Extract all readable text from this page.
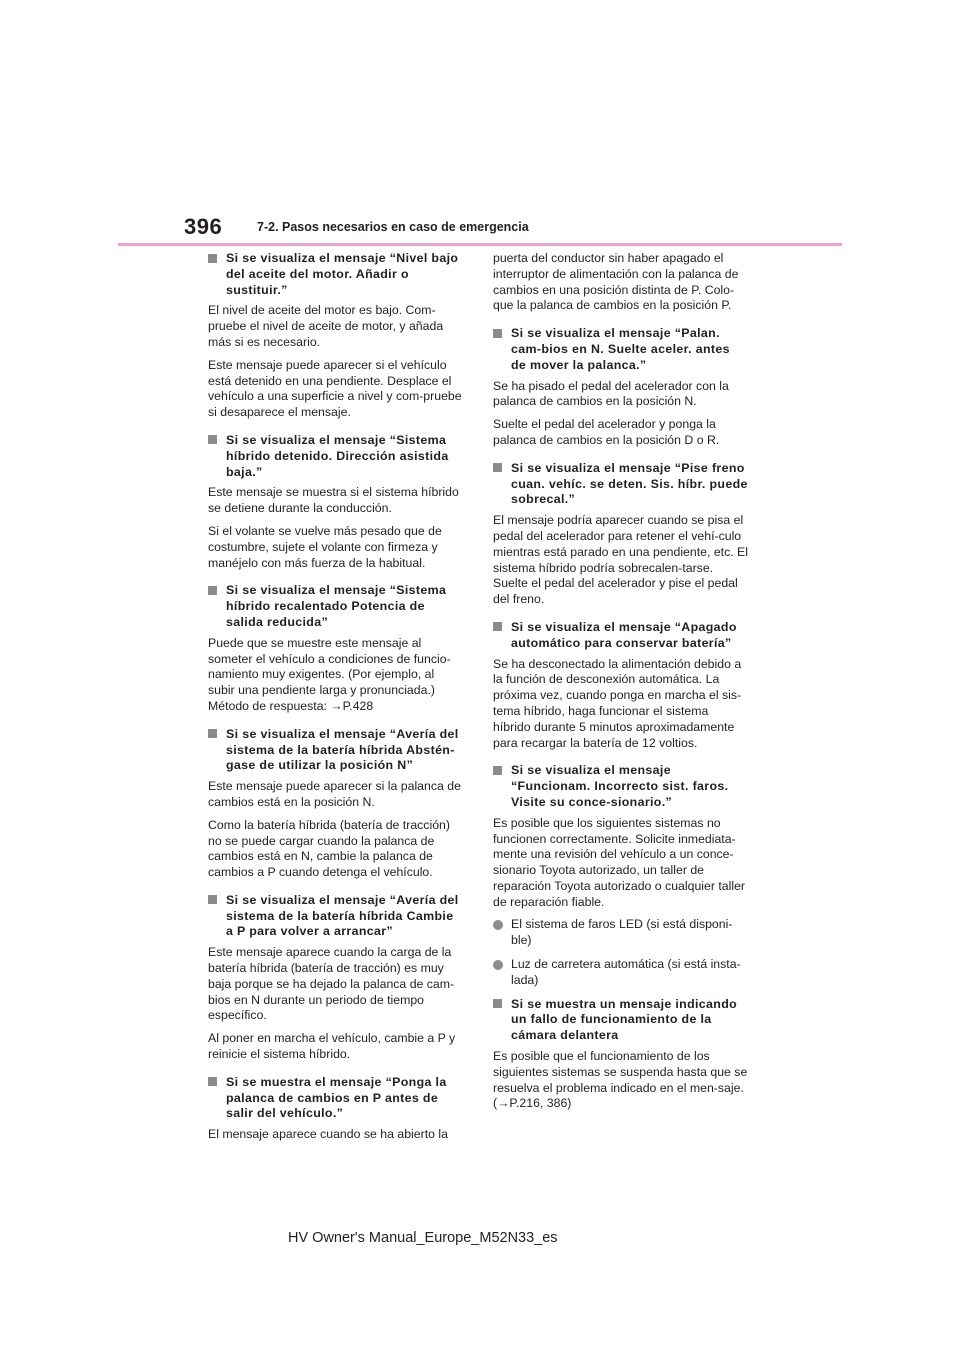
396	7-2. Pasos necesarios en caso de emergencia
Si se visualiza el mensaje “Nivel bajo del aceite del motor. Añadir o sustituir.”
El nivel de aceite del motor es bajo. Com-pruebe el nivel de aceite de motor, y añada más si es necesario.
Este mensaje puede aparecer si el vehículo está detenido en una pendiente. Desplace el vehículo a una superficie a nivel y com-pruebe si desaparece el mensaje.
Si se visualiza el mensaje “Sistema híbrido detenido. Dirección asistida baja.”
Este mensaje se muestra si el sistema híbrido se detiene durante la conducción.
Si el volante se vuelve más pesado que de costumbre, sujete el volante con firmeza y manéjelo con más fuerza de la habitual.
Si se visualiza el mensaje “Sistema híbrido recalentado Potencia de salida reducida”
Puede que se muestre este mensaje al someter el vehículo a condiciones de funcio-namiento muy exigentes. (Por ejemplo, al subir una pendiente larga y pronunciada.) Método de respuesta: →P.428
Si se visualiza el mensaje “Avería del sistema de la batería híbrida Abstén-gase de utilizar la posición N”
Este mensaje puede aparecer si la palanca de cambios está en la posición N.
Como la batería híbrida (batería de tracción) no se puede cargar cuando la palanca de cambios está en N, cambie la palanca de cambios a P cuando detenga el vehículo.
Si se visualiza el mensaje “Avería del sistema de la batería híbrida Cambie a P para volver a arrancar”
Este mensaje aparece cuando la carga de la batería híbrida (batería de tracción) es muy baja porque se ha dejado la palanca de cam-bios en N durante un periodo de tiempo específico.
Al poner en marcha el vehículo, cambie a P y reinicie el sistema híbrido.
Si se muestra el mensaje “Ponga la palanca de cambios en P antes de salir del vehículo.”
El mensaje aparece cuando se ha abierto la
puerta del conductor sin haber apagado el interruptor de alimentación con la palanca de cambios en una posición distinta de P. Colo-que la palanca de cambios en la posición P.
Si se visualiza el mensaje “Palan. cam-bios en N. Suelte aceler. antes de mover la palanca.”
Se ha pisado el pedal del acelerador con la palanca de cambios en la posición N.
Suelte el pedal del acelerador y ponga la palanca de cambios en la posición D o R.
Si se visualiza el mensaje “Pise freno cuan. vehíc. se deten. Sis. híbr. puede sobrecal.”
El mensaje podría aparecer cuando se pisa el pedal del acelerador para retener el vehí-culo mientras está parado en una pendiente, etc. El sistema híbrido podría sobrecalen-tarse. Suelte el pedal del acelerador y pise el pedal del freno.
Si se visualiza el mensaje “Apagado automático para conservar batería”
Se ha desconectado la alimentación debido a la función de desconexión automática. La próxima vez, cuando ponga en marcha el sis-tema híbrido, haga funcionar el sistema híbrido durante 5 minutos aproximadamente para recargar la batería de 12 voltios.
Si se visualiza el mensaje “Funcionam. Incorrecto sist. faros. Visite su conce-sionario.”
Es posible que los siguientes sistemas no funcionen correctamente. Solicite inmediata-mente una revisión del vehículo a un conce-sionario Toyota autorizado, un taller de reparación Toyota autorizado o cualquier taller de reparación fiable.
El sistema de faros LED (si está disponi-ble)
Luz de carretera automática (si está insta-lada)
Si se muestra un mensaje indicando un fallo de funcionamiento de la cámara delantera
Es posible que el funcionamiento de los siguientes sistemas se suspenda hasta que se resuelva el problema indicado en el men-saje. (→P.216, 386)
HV Owner's Manual_Europe_M52N33_es
